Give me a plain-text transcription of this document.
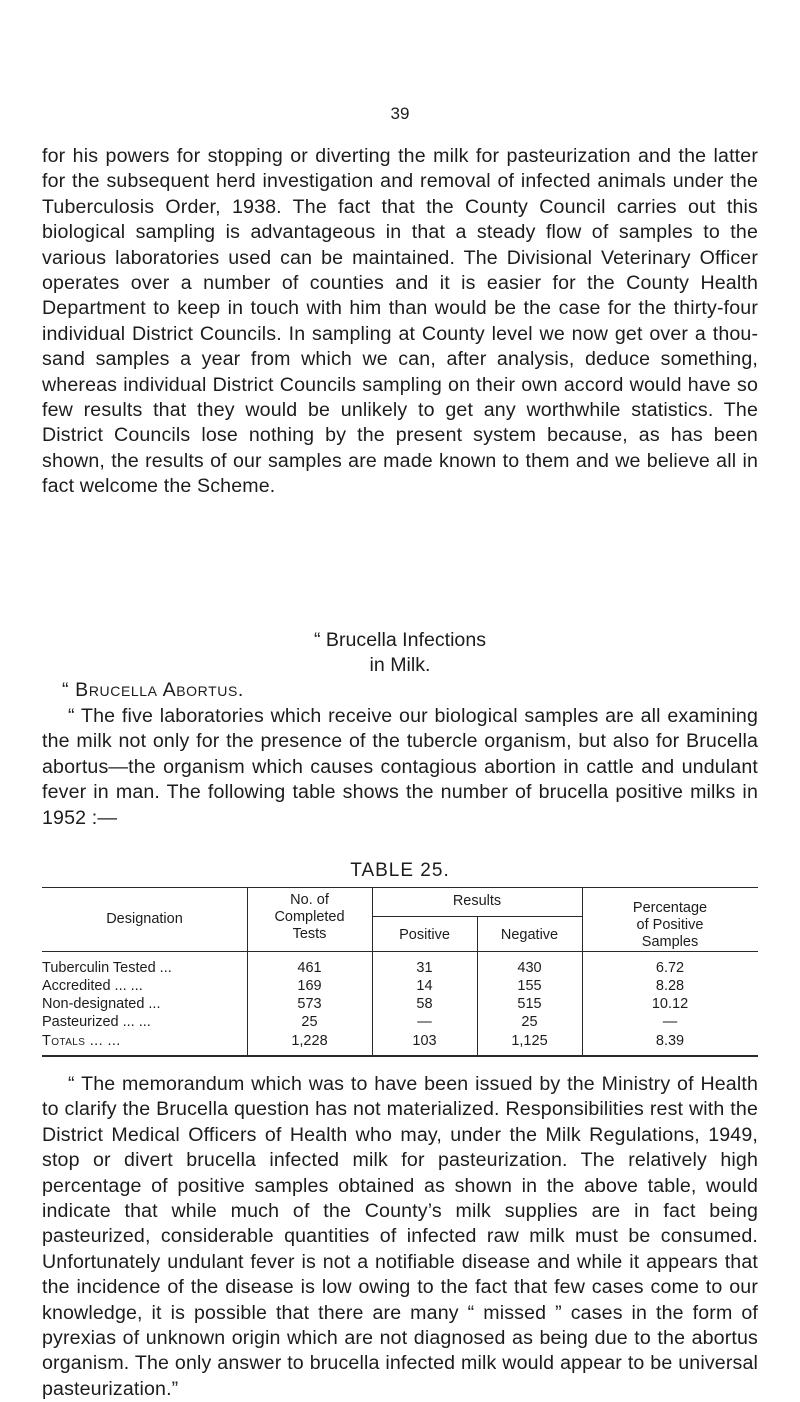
39

for his powers for stopping or diverting the milk for pasteurization and the latter for the subsequent herd investigation and removal of infected animals under the Tuberculosis Order, 1938. The fact that the County Council carries out this biological sampling is advantageous in that a steady flow of samples to the various laboratories used can be maintained. The Divisional Veterinary Officer operates over a number of counties and it is easier for the County Health Department to keep in touch with him than would be the case for the thirty-four individual District Councils. In sampling at County level we now get over a thousand samples a year from which we can, after analysis, deduce something, whereas individual District Councils sampling on their own accord would have so few results that they would be unlikely to get any worthwhile statistics. The District Councils lose nothing by the present system because, as has been shown, the results of our samples are made known to them and we believe all in fact welcome the Scheme.

“ Brucella Infections
in Milk.
“ Brucella Abortus.

“ The five laboratories which receive our biological samples are all examining the milk not only for the presence of the tubercle organism, but also for Brucella abortus—the organism which causes contagious abortion in cattle and undulant fever in man. The following table shows the number of brucella positive milks in 1952 :—

TABLE 25.
Designation
No. of
Completed
Tests
Results
Positive	Negative
Percentage
of Positive
Samples
Tuberculin Tested ...	461	31	430	6.72
Accredited ... ...	169	14	155	8.28
Non-designated ...	573	58	515	10.12
Pasteurized ... ...	25	—	25	—
Totals ... ...	1,228	103	1,125	8.39

“ The memorandum which was to have been issued by the Ministry of Health to clarify the Brucella question has not materialized. Responsibilities rest with the District Medical Officers of Health who may, under the Milk Regulations, 1949, stop or divert brucella infected milk for pasteurization. The relatively high percentage of positive samples obtained as shown in the above table, would indicate that while much of the County’s milk supplies are in fact being pasteurized, considerable quantities of infected raw milk must be consumed. Unfortunately undulant fever is not a notifiable disease and while it appears that the incidence of the disease is low owing to the fact that few cases come to our knowledge, it is possible that there are many “ missed ” cases in the form of pyrexias of unknown origin which are not diagnosed as being due to the abortus organism. The only answer to brucella infected milk would appear to be universal pasteurization.”
